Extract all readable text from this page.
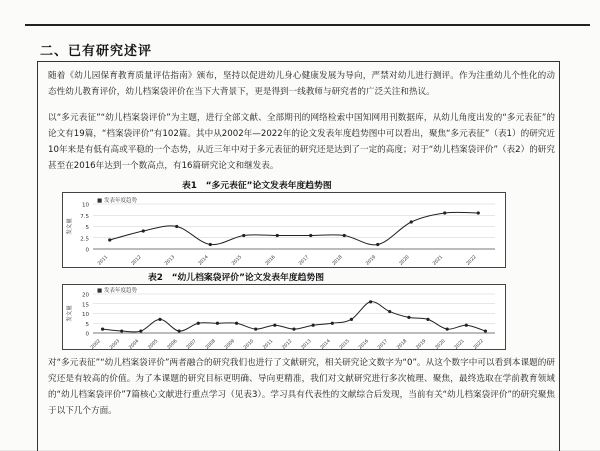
二、已有研究述评
随着《幼儿园保育教育质量评估指南》颁布，坚持以促进幼儿身心健康发展为导向，严禁对幼儿进行测评。作为注重幼儿个性化的动态性幼儿教育评价，幼儿档案袋评价在当下大背景下，更是得到一线教师与研究者的广泛关注和热议。
以“多元表征”“幼儿档案袋评价”为主题，进行全部文献、全部期刊的网络检索中国知网用刊数据库，从幼儿角度出发的“多元表征”的论文有19篇，“档案袋评价”有102篇。其中从2002年—2022年的论文发表年度趋势图中可以看出，聚焦“多元表征”（表1）的研究近10年来是有低有高或平稳的一个态势，从近三年中对于多元表征的研究还是达到了一定的高度；对于“幼儿档案袋评价”（表2）的研究甚至在2016年达到一个数高点，有16篇研究论文和继发表。
表1　“多元表征”论文发表年度趋势图
0
2.5
5
7.5
10
发文量
■ 发表年度趋势
2011	2012	2013	2014	2015	2016	2017	2018	2019	2020	2021	2022
表2　“幼儿档案袋评价”论文发表年度趋势图
0
5
10
15
20
发文量
■ 发表年度趋势
2002 2003 2004 2005 2006 2007 2008 2009 2010 2011 2012 2013 2014 2015 2016 2017 2018 2019 2020 2021 2022
对“多元表征”“幼儿档案袋评价”两者融合的研究我们也进行了文献研究，相关研究论文数字为“0”。从这个数字中可以看到本课题的研究还是有较高的价值。为了本课题的研究目标更明确、导向更精准，我们对文献研究进行多次梳理、聚焦，最终选取在学前教育领域的“幼儿档案袋评价”7篇核心文献进行重点学习（见表3）。学习具有代表性的文献综合后发现，当前有关“幼儿档案袋评价”的研究聚焦于以下几个方面。
